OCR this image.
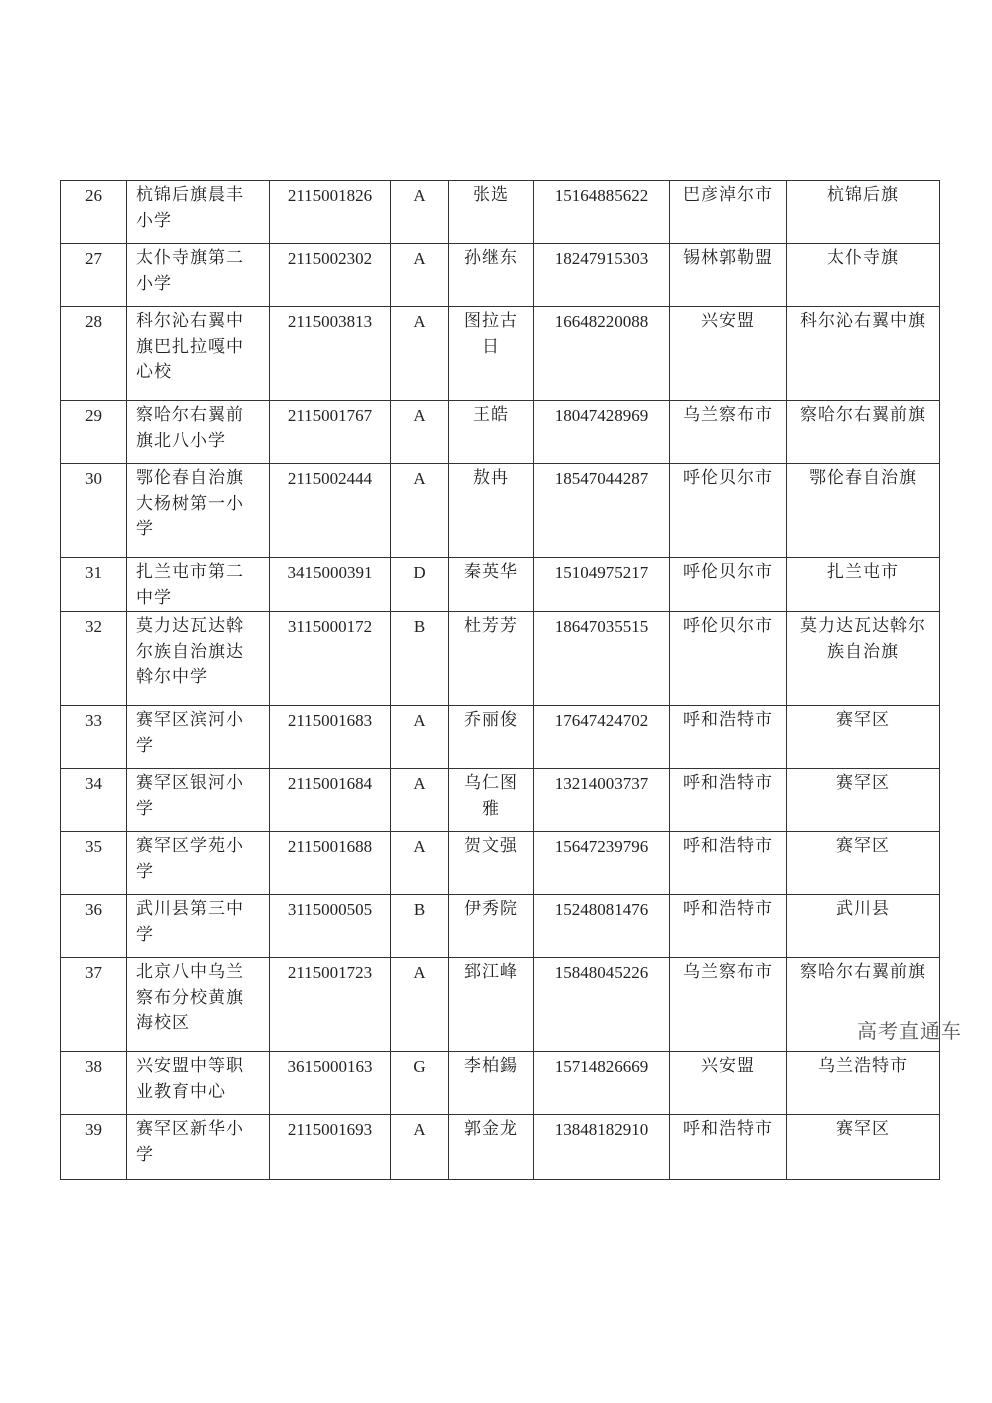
26	杭锦后旗晨丰小学	2115001826	A	张选	15164885622	巴彦淖尔市	杭锦后旗
27	太仆寺旗第二小学	2115002302	A	孙继东	18247915303	锡林郭勒盟	太仆寺旗
28	科尔沁右翼中旗巴扎拉嘎中心校	2115003813	A	图拉古日	16648220088	兴安盟	科尔沁右翼中旗
29	察哈尔右翼前旗北八小学	2115001767	A	王皓	18047428969	乌兰察布市	察哈尔右翼前旗
30	鄂伦春自治旗大杨树第一小学	2115002444	A	敖冉	18547044287	呼伦贝尔市	鄂伦春自治旗
31	扎兰屯市第二中学	3415000391	D	秦英华	15104975217	呼伦贝尔市	扎兰屯市
32	莫力达瓦达斡尔族自治旗达斡尔中学	3115000172	B	杜芳芳	18647035515	呼伦贝尔市	莫力达瓦达斡尔族自治旗
33	赛罕区滨河小学	2115001683	A	乔丽俊	17647424702	呼和浩特市	赛罕区
34	赛罕区银河小学	2115001684	A	乌仁图雅	13214003737	呼和浩特市	赛罕区
35	赛罕区学苑小学	2115001688	A	贺文强	15647239796	呼和浩特市	赛罕区
36	武川县第三中学	3115000505	B	伊秀院	15248081476	呼和浩特市	武川县
37	北京八中乌兰察布分校黄旗海校区	2115001723	A	郅江峰	15848045226	乌兰察布市	察哈尔右翼前旗
38	兴安盟中等职业教育中心	3615000163	G	李柏鍚	15714826669	兴安盟	乌兰浩特市
39	赛罕区新华小学	2115001693	A	郭金龙	13848182910	呼和浩特市	赛罕区
高考直通车
